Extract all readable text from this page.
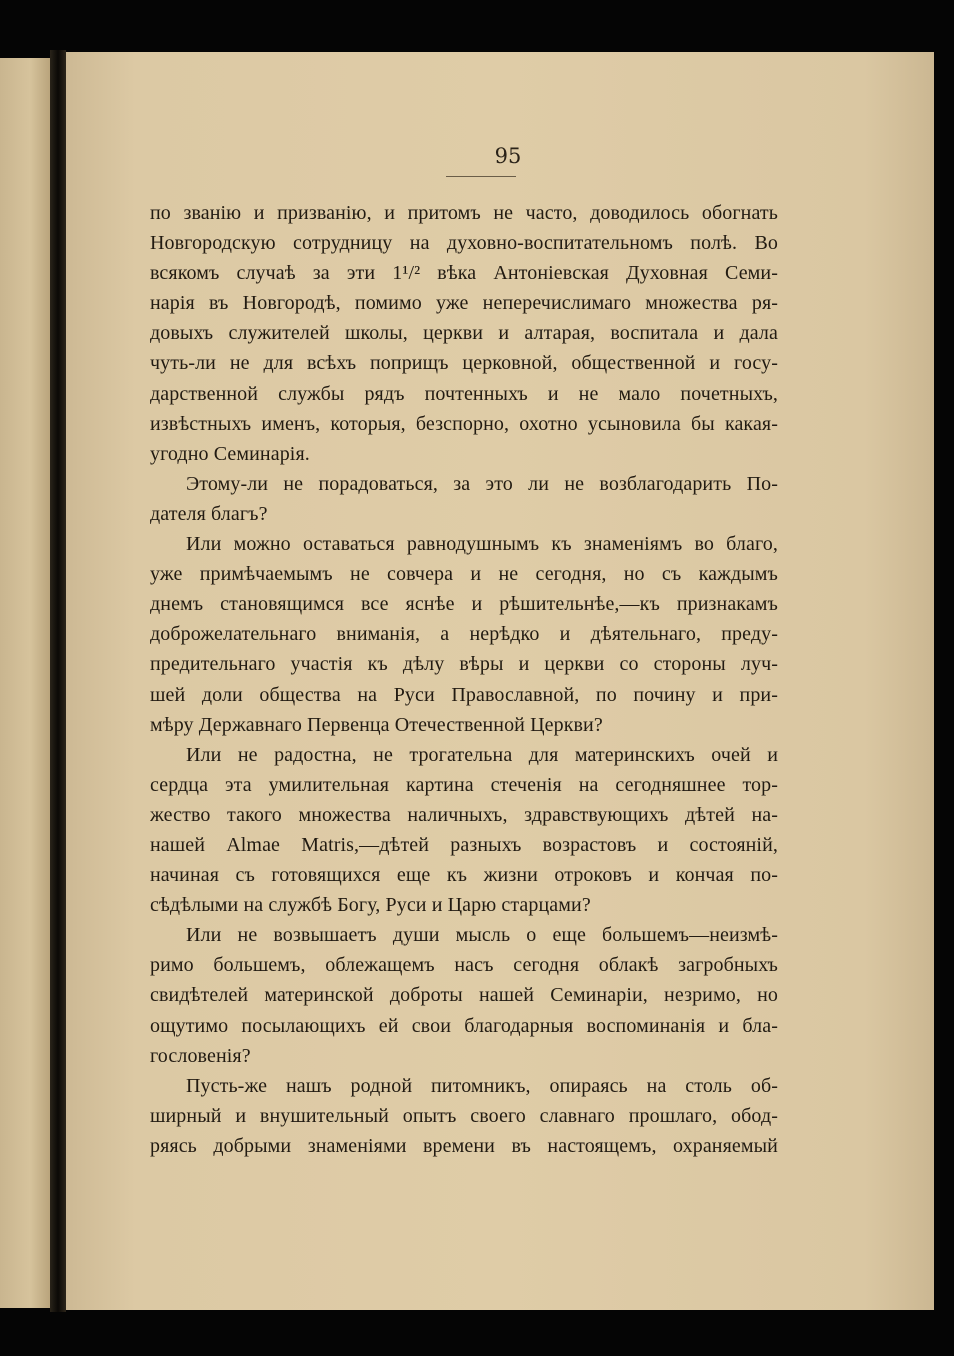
95
по званію и призванію, и притомъ не часто, доводилось обогнать
Новгородскую сотрудницу на духовно-воспитательномъ полѣ. Во
всякомъ случаѣ за эти 1¹/² вѣка Антоніевская Духовная Семи-
нарія въ Новгородѣ, помимо уже неперечислимаго множества ря-
довыхъ служителей школы, церкви и алтарая, воспитала и дала
чуть-ли не для всѣхъ поприщъ церковной, общественной и госу-
дарственной службы рядъ почтенныхъ и не мало почетныхъ,
извѣстныхъ именъ, которыя, безспорно, охотно усыновила бы какая-
угодно Семинарія.
Этому-ли не порадоваться, за это ли не возблагодарить По-
дателя благъ?
Или можно оставаться равнодушнымъ къ знаменіямъ во благо,
уже примѣчаемымъ не совчера и не сегодня, но съ каждымъ
днемъ становящимся все яснѣе и рѣшительнѣе,—къ признакамъ
доброжелательнаго вниманія, а нерѣдко и дѣятельнаго, преду-
предительнаго участія къ дѣлу вѣры и церкви со стороны луч-
шей доли общества на Руси Православной, по почину и при-
мѣру Державнаго Первенца Отечественной Церкви?
Или не радостна, не трогательна для материнскихъ очей и
сердца эта умилительная картина стеченія на сегодняшнее тор-
жество такого множества наличныхъ, здравствующихъ дѣтей на-
нашей Almae Matris,—дѣтей разныхъ возрастовъ и состояній,
начиная съ готовящихся еще къ жизни отроковъ и кончая по-
сѣдѣлыми на службѣ Богу, Руси и Царю старцами?
Или не возвышаетъ души мысль о еще большемъ—неизмѣ-
римо большемъ, облежащемъ насъ сегодня облакѣ загробныхъ
свидѣтелей материнской доброты нашей Семинаріи, незримо, но
ощутимо посылающихъ ей свои благодарныя воспоминанія и бла-
гословенія?
Пусть-же нашъ родной питомникъ, опираясь на столь об-
ширный и внушительный опытъ своего славнаго прошлаго, обод-
ряясь добрыми знаменіями времени въ настоящемъ, охраняемый
